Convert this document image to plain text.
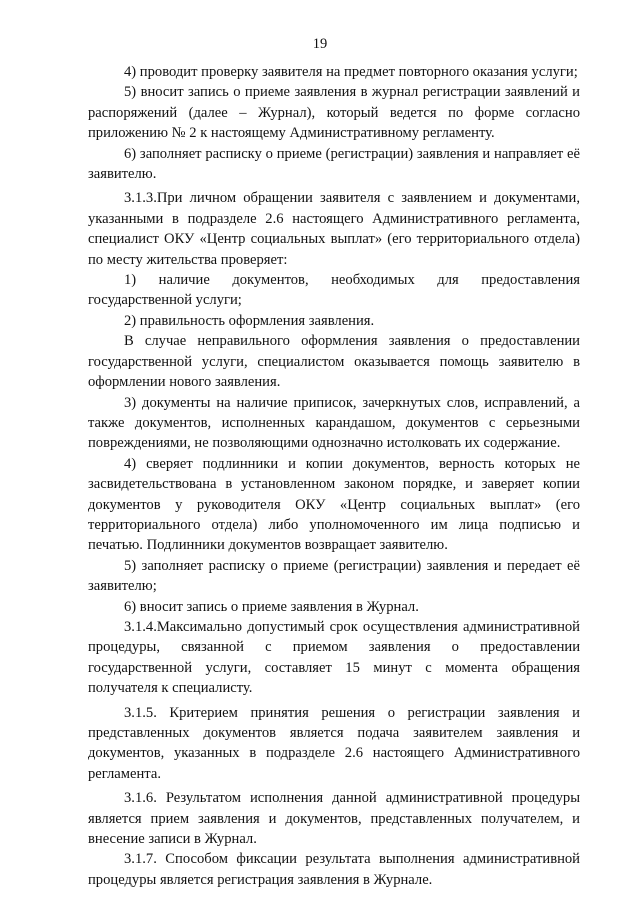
19

4) проводит проверку заявителя на предмет повторного оказания услуги;

5) вносит запись о приеме заявления в журнал регистрации заявлений и распоряжений (далее – Журнал), который ведется по форме согласно приложению № 2 к настоящему Административному регламенту.

6) заполняет расписку о приеме (регистрации) заявления и направляет её заявителю.

3.1.3.При личном обращении заявителя с заявлением и документами, указанными в подразделе 2.6 настоящего Административного регламента, специалист ОКУ «Центр социальных выплат» (его территориального отдела) по месту жительства проверяет:

1) наличие документов, необходимых для предоставления государственной услуги;

2) правильность оформления заявления.

В случае неправильного оформления заявления о предоставлении государственной услуги, специалистом оказывается помощь заявителю в оформлении нового заявления.

3) документы на наличие приписок, зачеркнутых слов, исправлений, а также документов, исполненных карандашом, документов с серьезными повреждениями, не позволяющими однозначно истолковать их содержание.

4) сверяет подлинники и копии документов, верность которых не засвидетельствована в установленном законом порядке, и заверяет копии документов у руководителя ОКУ «Центр социальных выплат» (его территориального отдела) либо уполномоченного им лица подписью и печатью. Подлинники документов возвращает заявителю.

5) заполняет расписку о приеме (регистрации) заявления и передает её заявителю;

6) вносит запись о приеме заявления в Журнал.

3.1.4.Максимально допустимый срок осуществления административной процедуры, связанной с приемом заявления о предоставлении государственной услуги, составляет 15 минут с момента обращения получателя к специалисту.

3.1.5. Критерием принятия решения о регистрации заявления и представленных документов является подача заявителем заявления и документов, указанных в подразделе 2.6 настоящего Административного регламента.

3.1.6. Результатом исполнения данной административной процедуры является прием заявления и документов, представленных получателем, и внесение записи в Журнал.

3.1.7. Способом фиксации результата выполнения административной процедуры является регистрация заявления в Журнале.
